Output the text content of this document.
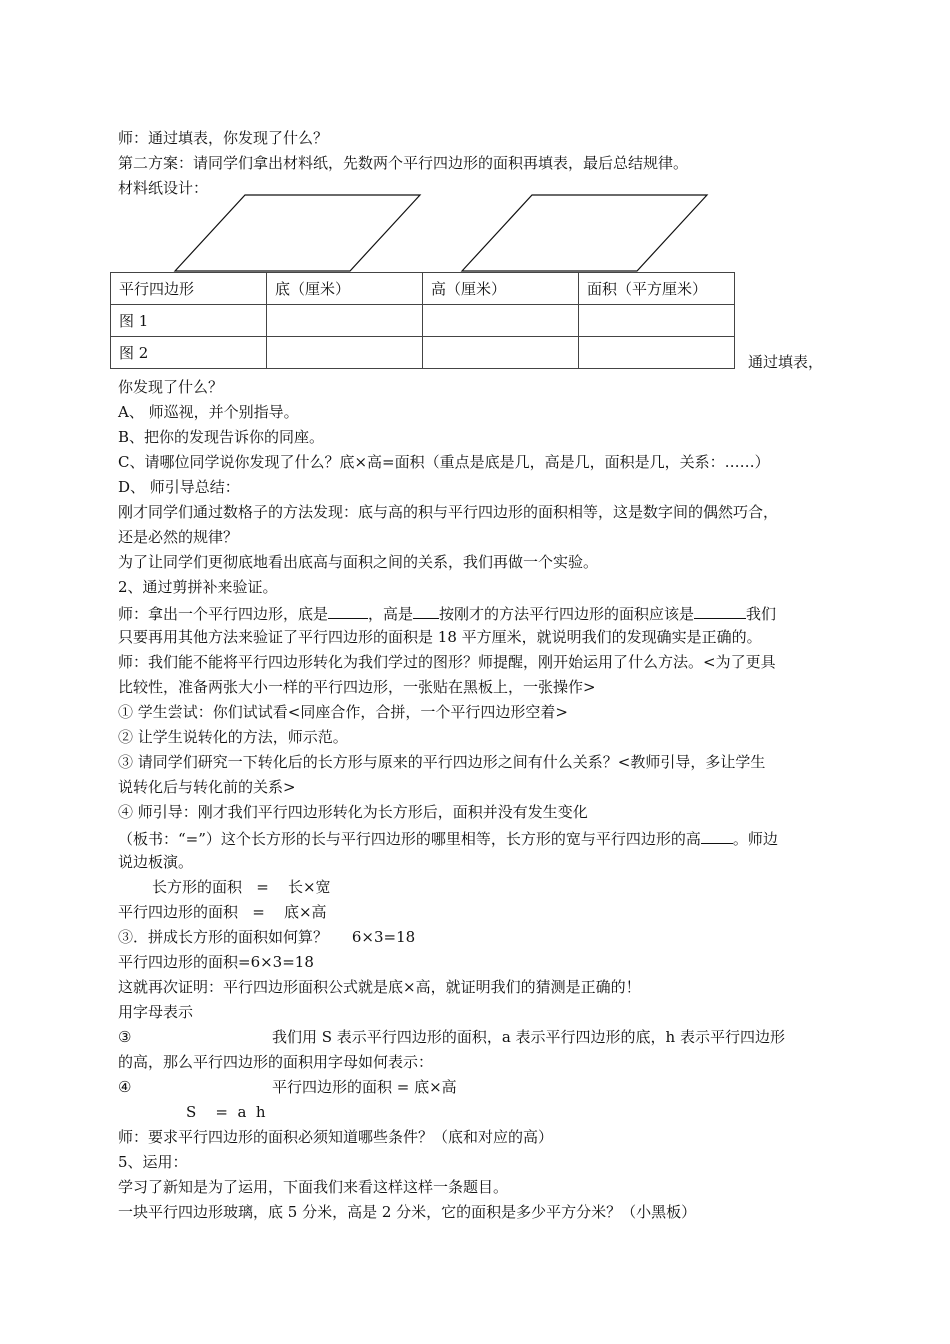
师：通过填表，你发现了什么？
第二方案：请同学们拿出材料纸，先数两个平行四边形的面积再填表，最后总结规律。
材料纸设计：
平行四边形	底（厘米）	高（厘米）	面积（平方厘米）
图 1			
图 2				通过填表，
你发现了什么？
A、 师巡视，并个别指导。
B、把你的发现告诉你的同座。
C、请哪位同学说你发现了什么？底×高=面积（重点是底是几，高是几，面积是几，关系：……）
D、 师引导总结：
刚才同学们通过数格子的方法发现：底与高的积与平行四边形的面积相等，这是数字间的偶然巧合，
还是必然的规律？
为了让同学们更彻底地看出底高与面积之间的关系，我们再做一个实验。
2、通过剪拼补来验证。
师：拿出一个平行四边形，底是	，高是 按刚才的方法平行四边形的面积应该是	我们
只要再用其他方法来验证了平行四边形的面积是 18 平方厘米，就说明我们的发现确实是正确的。
师：我们能不能将平行四边形转化为我们学过的图形？师提醒，刚开始运用了什么方法。<为了更具
比较性，准备两张大小一样的平行四边形，一张贴在黑板上，一张操作>
① 学生尝试：你们试试看<同座合作，合拼，一个平行四边形空着>
② 让学生说转化的方法，师示范。
③ 请同学们研究一下转化后的长方形与原来的平行四边形之间有什么关系？<教师引导，多让学生
说转化后与转化前的关系>
④ 师引导：刚才我们平行四边形转化为长方形后，面积并没有发生变化
（板书：“=”）这个长方形的长与平行四边形的哪里相等，长方形的宽与平行四边形的高 。师边
说边板演。
长方形的面积   =    长×宽
平行四边形的面积   =    底×高
③．拼成长方形的面积如何算？     6×3=18
平行四边形的面积=6×3=18
这就再次证明：平行四边形面积公式就是底×高，就证明我们的猜测是正确的！
用字母表示
③	我们用 S 表示平行四边形的面积，a 表示平行四边形的底，h 表示平行四边形
的高，那么平行四边形的面积用字母如何表示：
④	平行四边形的面积 = 底×高
S    =  a  h
师：要求平行四边形的面积必须知道哪些条件？（底和对应的高）
5、运用：
学习了新知是为了运用，下面我们来看这样这样一条题目。
一块平行四边形玻璃，底 5 分米，高是 2 分米，它的面积是多少平方分米？（小黑板）
